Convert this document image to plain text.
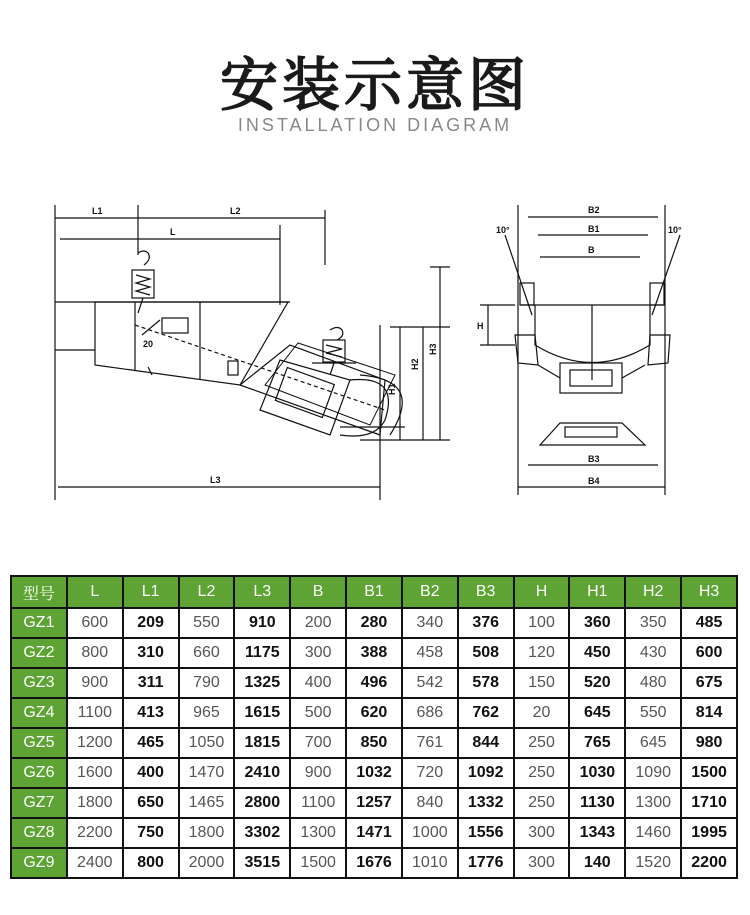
安装示意图
INSTALLATION DIAGRAM
L1	L2
L
L3
20
H1
H2
H3
B2
B1
B
B3
B4
H
10°	10°
型号	L	L1	L2	L3	B	B1	B2	B3	H	H1	H2	H3
GZ1	600	209	550	910	200	280	340	376	100	360	350	485
GZ2	800	310	660	1175	300	388	458	508	120	450	430	600
GZ3	900	311	790	1325	400	496	542	578	150	520	480	675
GZ4	1100	413	965	1615	500	620	686	762	20	645	550	814
GZ5	1200	465	1050	1815	700	850	761	844	250	765	645	980
GZ6	1600	400	1470	2410	900	1032	720	1092	250	1030	1090	1500
GZ7	1800	650	1465	2800	1100	1257	840	1332	250	1130	1300	1710
GZ8	2200	750	1800	3302	1300	1471	1000	1556	300	1343	1460	1995
GZ9	2400	800	2000	3515	1500	1676	1010	1776	300	140	1520	2200
